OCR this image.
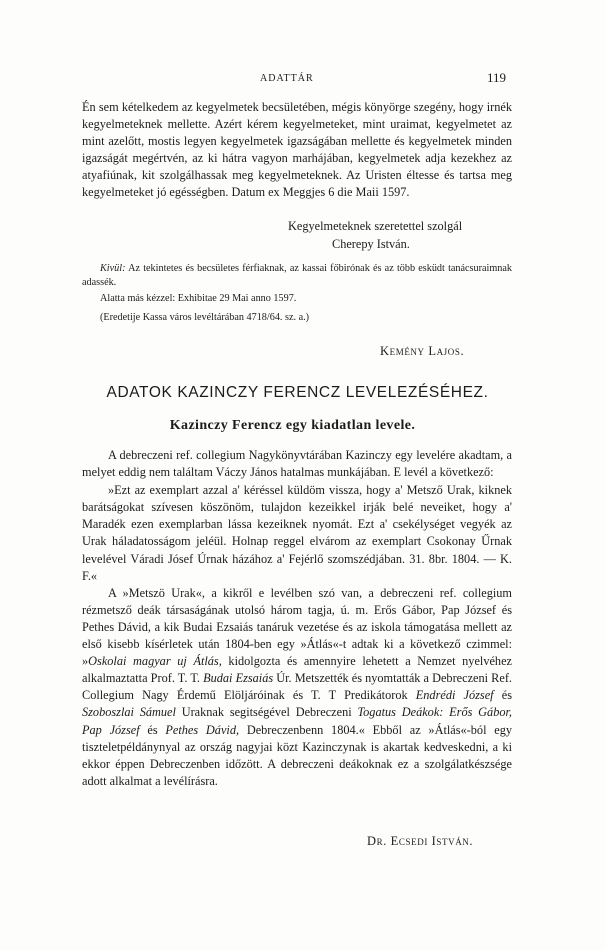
ADATTÁR	119

Én sem kételkedem az kegyelmetek becsületében, mégis könyörge szegény, hogy irnék kegyelmeteknek mellette. Azért kérem kegyelmeteket, mint uraimat, kegyelmetet az mint azelőtt, mostis legyen kegyelmetek igazságában mellette és kegyelmetek minden igazságát megértvén, az ki hátra vagyon marhájában, kegyelmetek adja kezekhez az atyafiúnak, kit szolgálhassak meg kegyelmeteknek. Az Uristen éltesse és tartsa meg kegyelmeteket jó egésségben. Datum ex Meggjes 6 die Maii 1597.

Kegyelmeteknek szeretettel szolgál
Cherepy István.

Kivül: Az tekintetes és becsületes férfiaknak, az kassai főbirónak és az több esküdt tanácsuraimnak adassék.

Alatta más kézzel: Exhibitae 29 Mai anno 1597.
(Eredetije Kassa város levéltárában 4718/64. sz. a.)
Kemény Lajos.
ADATOK KAZINCZY FERENCZ LEVELEZÉSÉHEZ.
Kazinczy Ferencz egy kiadatlan levele.

A debreczeni ref. collegium Nagykönyvtárában Kazinczy egy levelére akadtam, a melyet eddig nem találtam Váczy János hatalmas munkájában. E levél a következő:

»Ezt az exemplart azzal a' kéréssel küldöm vissza, hogy a' Metsző Urak, kiknek barátságokat szívesen köszönöm, tulajdon kezeikkel irják belé neveiket, hogy a' Maradék ezen exemplarban lássa kezeiknek nyomát. Ezt a' csekélységet vegyék az Urak háladatosságom jeléül. Holnap reggel elvárom az exemplart Csokonay Űrnak levelével Váradi Jósef Úrnak házához a' Fejérlő szomszédjában. 31. 8br. 1804. — K. F.«

A »Metszö Urak«, a kikről e levélben szó van, a debreczeni ref. collegium rézmetsző deák társaságának utolsó három tagja, ú. m. Erős Gábor, Pap József és Pethes Dávid, a kik Budai Ezsaiás tanáruk vezetése és az iskola támogatása mellett az első kisebb kísérletek után 1804-ben egy »Átlás«-t adtak ki a következő czimmel: »Oskolai magyar uj Átlás, kidolgozta és amennyire lehetett a Nemzet nyelvéhez alkalmaztatta Prof. T. T. Budai Ezsaiás Úr. Metszették és nyomtatták a Debreczeni Ref. Collegium Nagy Érdemű Elöljáróinak és T. T Predikátorok Endrédi József és Szoboszlai Sámuel Uraknak segitségével Debreczeni Togatus Deákok: Erős Gábor, Pap József és Pethes Dávid, Debreczenbenn 1804.« Ebből az »Átlás«-ból egy tiszteletpéldánynyal az ország nagyjai közt Kazinczynak is akartak kedveskedni, a ki ekkor éppen Debreczenben időzött. A debreczeni deákoknak ez a szolgálatkészsége adott alkalmat a levélírásra.

Dr. Ecsedi István.
